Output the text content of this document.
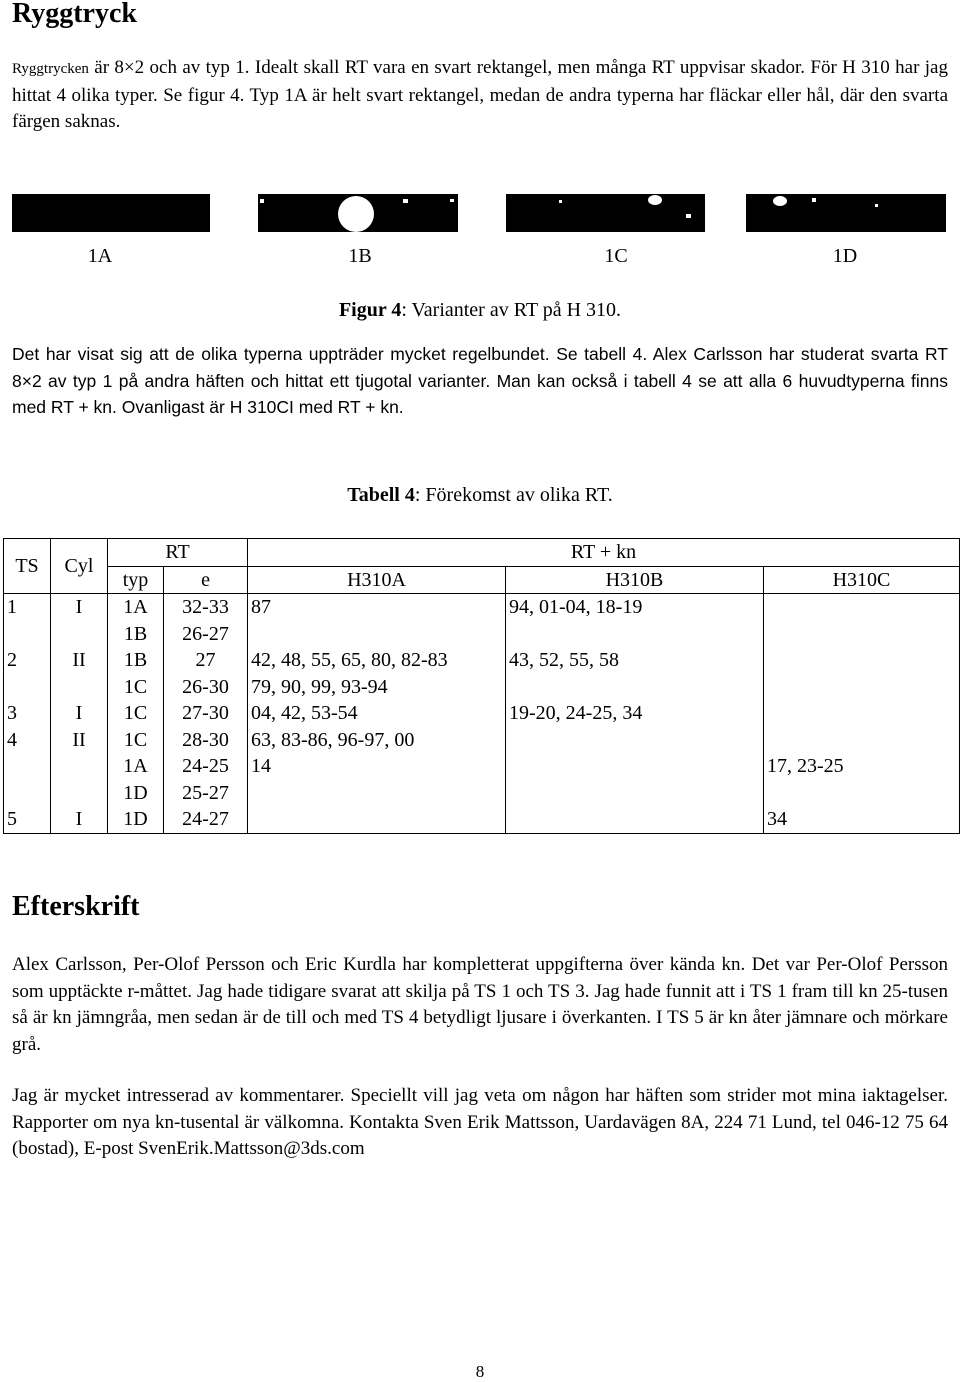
Ryggtryck

Ryggtrycken är 8×2 och av typ 1. Idealt skall RT vara en svart rektangel, men många RT uppvisar skador. För H 310 har jag hittat 4 olika typer. Se figur 4. Typ 1A är helt svart rektangel, medan de andra typerna har fläckar eller hål, där den svarta färgen saknas.

1A	1B	1C	1D
Figur 4: Varianter av RT på H 310.

Det har visat sig att de olika typerna uppträder mycket regelbundet. Se tabell 4. Alex Carlsson har studerat svarta RT 8×2 av typ 1 på andra häften och hittat ett tjugotal varianter. Man kan också i tabell 4 se att alla 6 huvudtyperna finns med RT + kn. Ovanligast är H 310CI med RT + kn.

Tabell 4: Förekomst av olika RT.
TS	Cyl	RT		RT + kn		
		typ	e	H310A	H310B	H310C
1	I	1A	32-33	87	94, 01-04, 18-19	
		1B	26-27			
2	II	1B	27	42, 48, 55, 65, 80, 82-83	43, 52, 55, 58	
		1C	26-30	79, 90, 99, 93-94		
3	I	1C	27-30	04, 42, 53-54	19-20, 24-25, 34	
4	II	1C	28-30	63, 83-86, 96-97, 00		
		1A	24-25	14		17, 23-25
		1D	25-27			
5	I	1D	24-27			34
Efterskrift

Alex Carlsson, Per-Olof Persson och Eric Kurdla har kompletterat uppgifterna över kända kn. Det var Per-Olof Persson som upptäckte r-måttet. Jag hade tidigare svarat att skilja på TS 1 och TS 3. Jag hade funnit att i TS 1 fram till kn 25-tusen så är kn jämngråa, men sedan är de till och med TS 4 betydligt ljusare i överkanten. I TS 5 är kn åter jämnare och mörkare grå.

Jag är mycket intresserad av kommentarer. Speciellt vill jag veta om någon har häften som strider mot mina iaktagelser. Rapporter om nya kn-tusental är välkomna. Kontakta Sven Erik Mattsson, Uardavägen 8A, 224 71 Lund, tel 046-12 75 64 (bostad), E-post SvenErik.Mattsson@3ds.com

8
